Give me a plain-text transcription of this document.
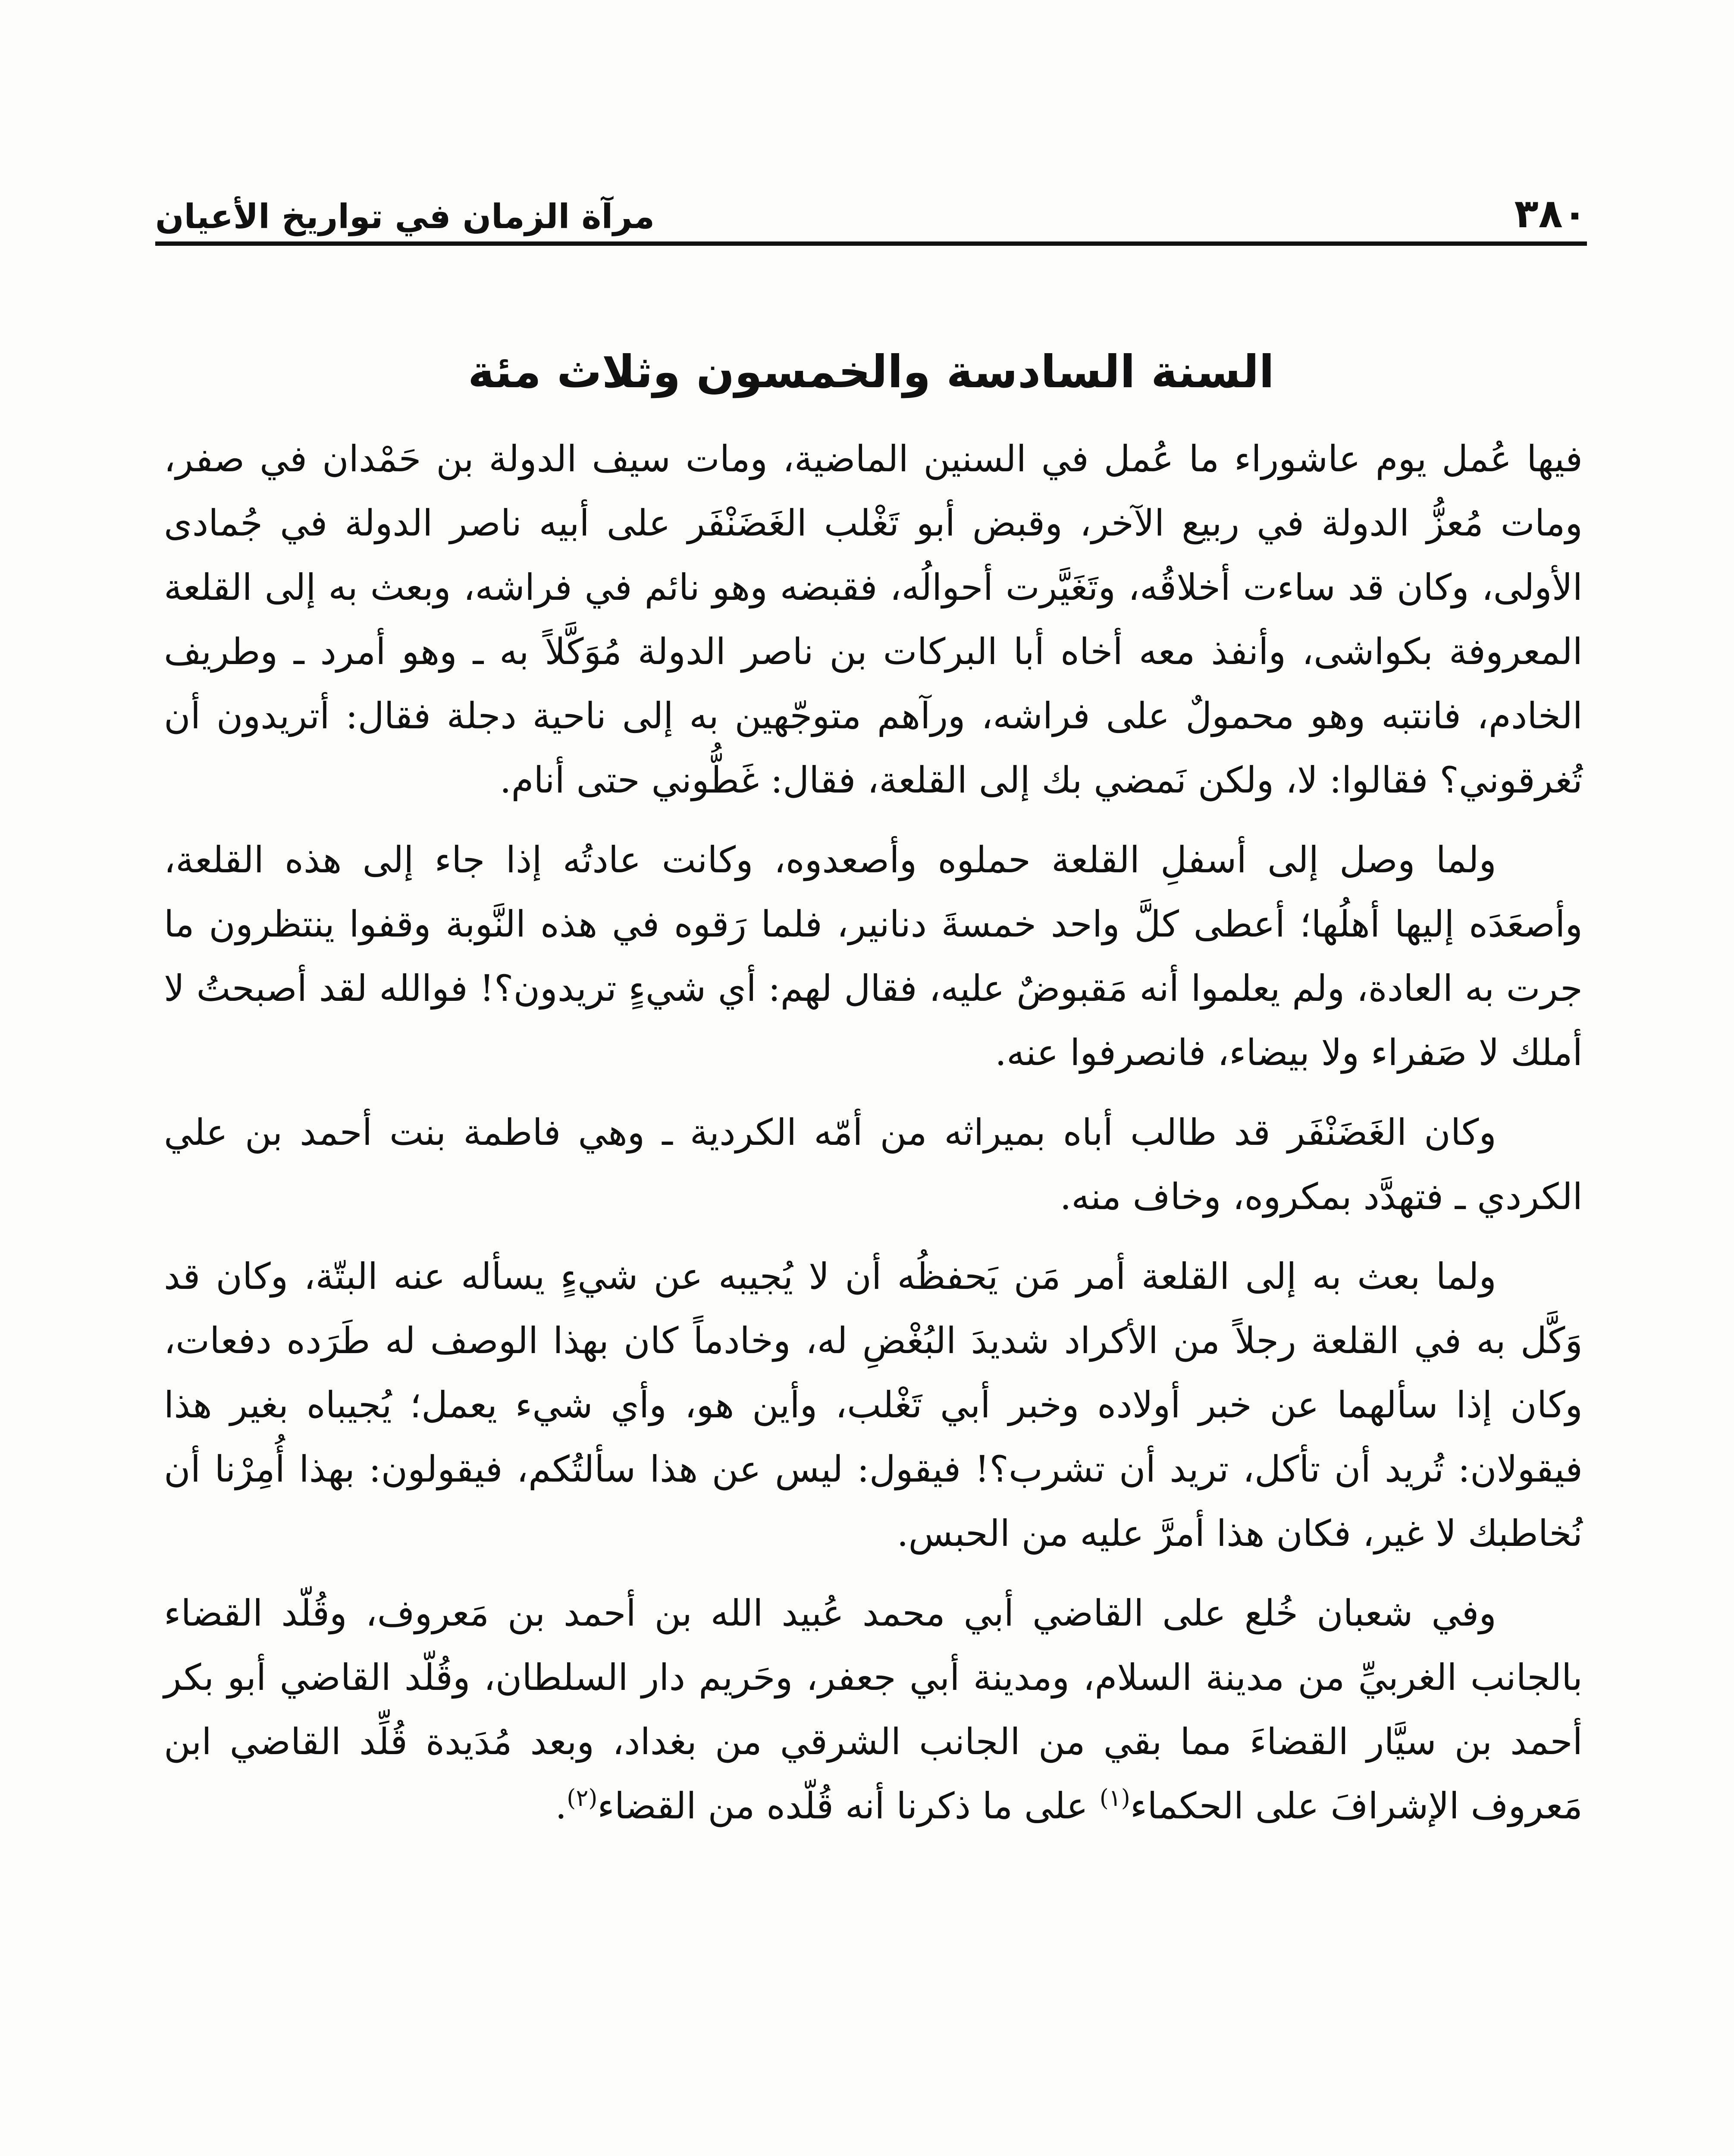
٣٨٠
مرآة الزمان في تواريخ الأعيان
السنة السادسة والخمسون وثلاث مئة

فيها عُمل يوم عاشوراء ما عُمل في السنين الماضية، ومات سيف الدولة بن حَمْدان في صفر، ومات مُعزُّ الدولة في ربيع الآخر، وقبض أبو تَغْلب الغَضَنْفَر على أبيه ناصر الدولة في جُمادى الأولى، وكان قد ساءت أخلاقُه، وتَغَيَّرت أحوالُه، فقبضه وهو نائم في فراشه، وبعث به إلى القلعة المعروفة بكواشى، وأنفذ معه أخاه أبا البركات بن ناصر الدولة مُوَكَّلاً به ـ وهو أمرد ـ وطريف الخادم، فانتبه وهو محمولٌ على فراشه، ورآهم متوجّهين به إلى ناحية دجلة فقال: أتريدون أن تُغرقوني؟ فقالوا: لا، ولكن نَمضي بك إلى القلعة، فقال: غَطُّوني حتى أنام.

ولما وصل إلى أسفلِ القلعة حملوه وأصعدوه، وكانت عادتُه إذا جاء إلى هذه القلعة، وأصعَدَه إليها أهلُها؛ أعطى كلَّ واحد خمسةَ دنانير، فلما رَقوه في هذه النَّوبة وقفوا ينتظرون ما جرت به العادة، ولم يعلموا أنه مَقبوضٌ عليه، فقال لهم: أي شيءٍ تريدون؟! فوالله لقد أصبحتُ لا أملك لا صَفراء ولا بيضاء، فانصرفوا عنه.

وكان الغَضَنْفَر قد طالب أباه بميراثه من أمّه الكردية ـ وهي فاطمة بنت أحمد بن علي الكردي ـ فتهدَّد بمكروه، وخاف منه.

ولما بعث به إلى القلعة أمر مَن يَحفظُه أن لا يُجيبه عن شيءٍ يسأله عنه البتّة، وكان قد وَكَّل به في القلعة رجلاً من الأكراد شديدَ البُغْضِ له، وخادماً كان بهذا الوصف له طَرَده دفعات، وكان إذا سألهما عن خبر أولاده وخبر أبي تَغْلب، وأين هو، وأي شيء يعمل؛ يُجيباه بغير هذا فيقولان: تُريد أن تأكل، تريد أن تشرب؟! فيقول: ليس عن هذا سألتُكم، فيقولون: بهذا أُمِرْنا أن نُخاطبك لا غير، فكان هذا أمرَّ عليه من الحبس.

وفي شعبان خُلع على القاضي أبي محمد عُبيد الله بن أحمد بن مَعروف، وقُلّد القضاء بالجانب الغربيِّ من مدينة السلام، ومدينة أبي جعفر، وحَريم دار السلطان، وقُلّد القاضي أبو بكر أحمد بن سيَّار القضاءَ مما بقي من الجانب الشرقي من بغداد، وبعد مُدَيدة قُلِّد القاضي ابن مَعروف الإشرافَ على الحكماء$^{(١)}$ على ما ذكرنا أنه قُلّده من القضاء$^{(٢)}$.
